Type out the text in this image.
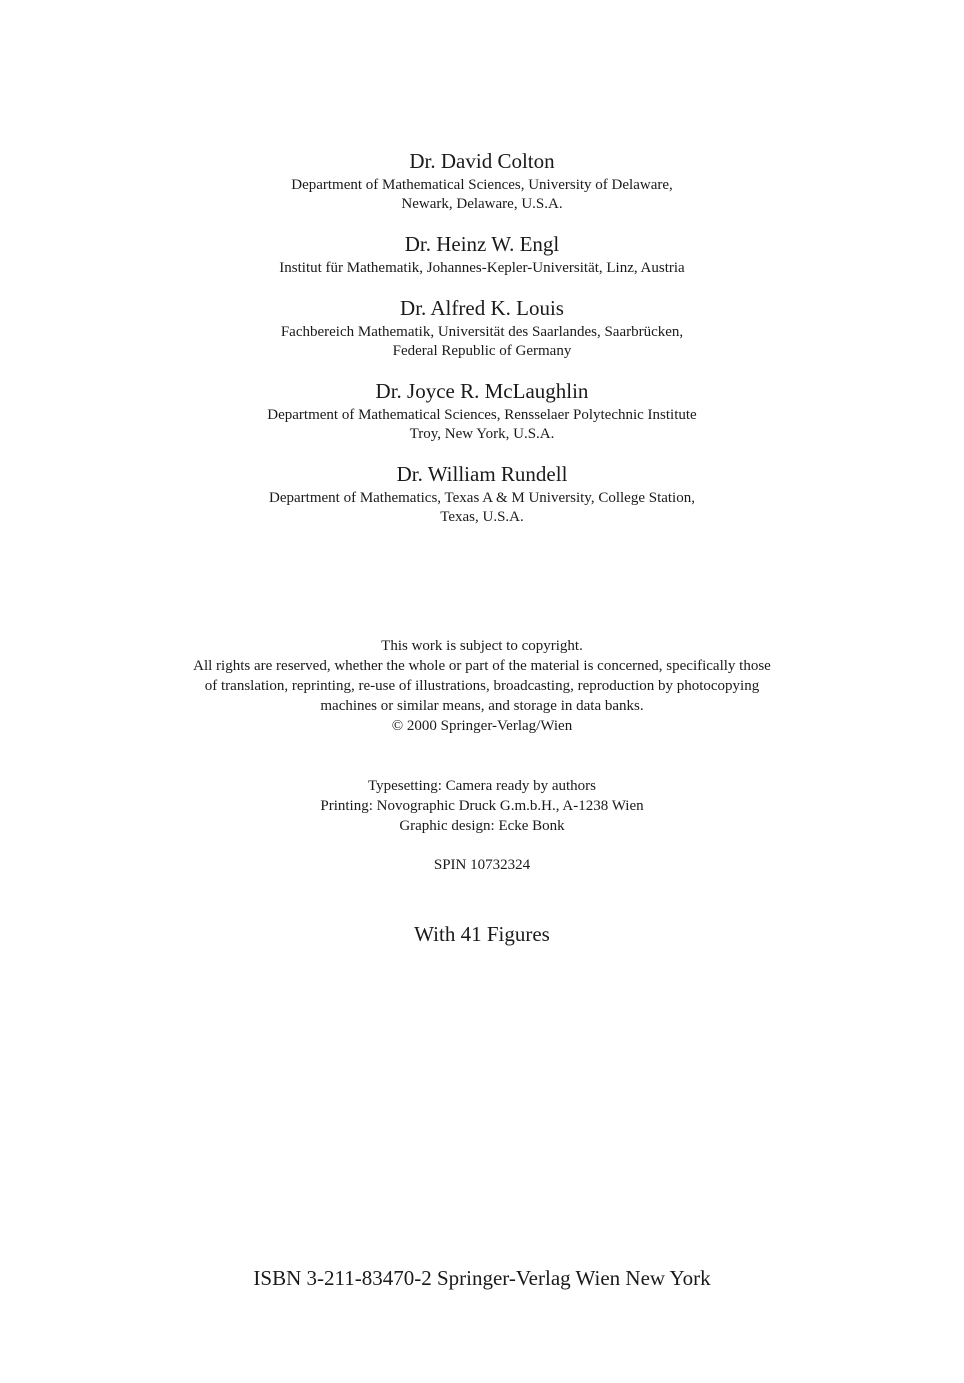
Dr. David Colton
Department of Mathematical Sciences, University of Delaware,
Newark, Delaware, U.S.A.
Dr. Heinz W. Engl
Institut für Mathematik, Johannes-Kepler-Universität, Linz, Austria
Dr. Alfred K. Louis
Fachbereich Mathematik, Universität des Saarlandes, Saarbrücken,
Federal Republic of Germany
Dr. Joyce R. McLaughlin
Department of Mathematical Sciences, Rensselaer Polytechnic Institute
Troy, New York, U.S.A.
Dr. William Rundell
Department of Mathematics, Texas A & M University, College Station,
Texas, U.S.A.
This work is subject to copyright.
All rights are reserved, whether the whole or part of the material is concerned, specifically those
of translation, reprinting, re-use of illustrations, broadcasting, reproduction by photocopying
machines or similar means, and storage in data banks.
© 2000 Springer-Verlag/Wien
Typesetting: Camera ready by authors
Printing: Novographic Druck G.m.b.H., A-1238 Wien
Graphic design: Ecke Bonk
SPIN 10732324
With 41 Figures
ISBN 3-211-83470-2 Springer-Verlag Wien New York
